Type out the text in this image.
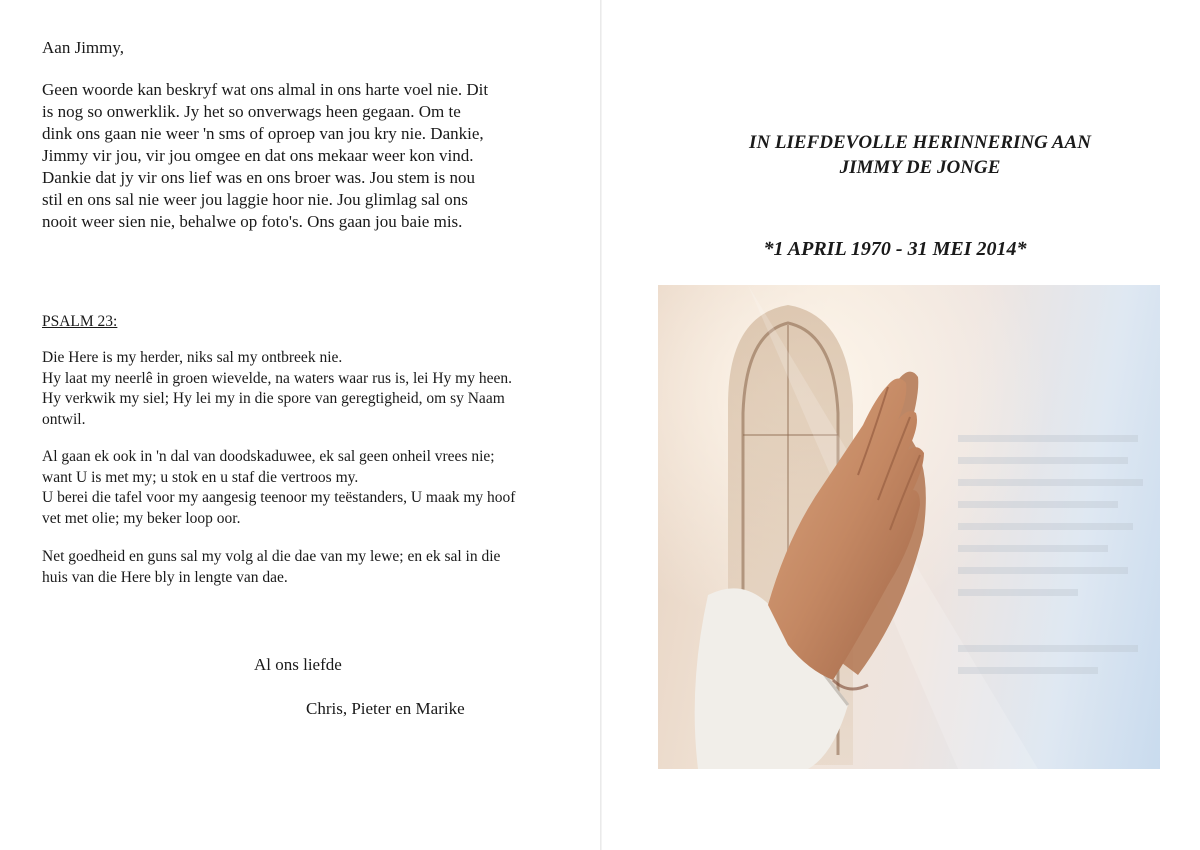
Aan Jimmy,

Geen woorde kan beskryf wat ons almal in ons harte voel nie. Dit
is nog so onwerklik. Jy het so onverwags heen gegaan. Om te
dink ons gaan nie weer 'n sms of oproep van jou kry nie. Dankie,
Jimmy vir jou, vir jou omgee en dat ons mekaar weer kon vind.
Dankie dat jy vir ons lief was en ons broer was. Jou stem is nou
stil en ons sal nie weer jou laggie hoor nie. Jou glimlag sal ons
nooit weer sien nie, behalwe op foto's. Ons gaan jou baie mis.

PSALM 23:

Die Here is my herder, niks sal my ontbreek nie.
Hy laat my neerlê in groen wievelde, na waters waar rus is, lei Hy my heen.
Hy verkwik my siel; Hy lei my in die spore van geregtigheid, om sy Naam
ontwil.
Al gaan ek ook in 'n dal van doodskaduwee, ek sal geen onheil vrees nie;
want U is met my; u stok en u staf die vertroos my.
U berei die tafel voor my aangesig teenoor my teëstanders, U maak my hoof
vet met olie; my beker loop oor.
Net goedheid en guns sal my volg al die dae van my lewe; en ek sal in die
huis van die Here bly in lengte van dae.

Al ons liefde

Chris, Pieter en Marike

IN LIEFDEVOLLE HERINNERING AAN
JIMMY DE JONGE
*1 APRIL 1970 - 31 MEI 2014*
